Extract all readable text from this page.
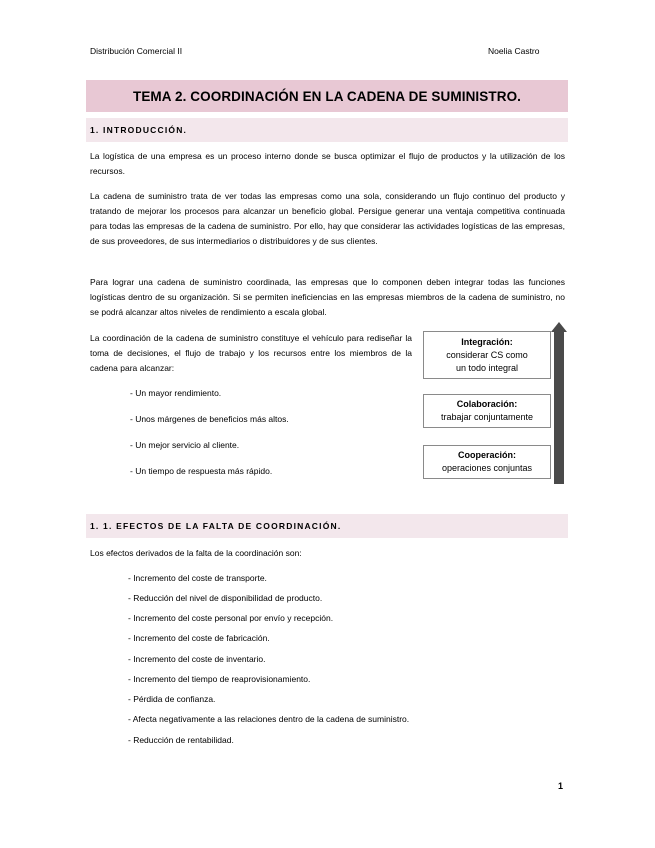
Distribución Comercial II	Noelia Castro
TEMA 2. COORDINACIÓN EN LA CADENA DE SUMINISTRO.
1. INTRODUCCIÓN.
La logística de una empresa es un proceso interno donde se busca optimizar el flujo de productos y la utilización de los recursos.
La cadena de suministro trata de ver todas las empresas como una sola, considerando un flujo continuo del producto y tratando de mejorar los procesos para alcanzar un beneficio global. Persigue generar una ventaja competitiva continuada para todas las empresas de la cadena de suministro. Por ello, hay que considerar las actividades logísticas de las empresas, de sus proveedores, de sus intermediarios o distribuidores y de sus clientes.
Para lograr una cadena de suministro coordinada, las empresas que lo componen deben integrar todas las funciones logísticas dentro de su organización. Si se permiten ineficiencias en las empresas miembros de la cadena de suministro, no se podrá alcanzar altos niveles de rendimiento a escala global.
La coordinación de la cadena de suministro constituye el vehículo para rediseñar la toma de decisiones, el flujo de trabajo y los recursos entre los miembros de la cadena para alcanzar:
- Un mayor rendimiento.
- Unos márgenes de beneficios más altos.
- Un mejor servicio al cliente.
- Un tiempo de respuesta más rápido.
Integración:
considerar CS como
un todo integral
Colaboración:
trabajar conjuntamente
Cooperación:
operaciones conjuntas
1. 1. EFECTOS DE LA FALTA DE COORDINACIÓN.
Los efectos derivados de la falta de la coordinación son:
- Incremento del coste de transporte.
- Reducción del nivel de disponibilidad de producto.
- Incremento del coste personal por envío y recepción.
- Incremento del coste de fabricación.
- Incremento del coste de inventario.
- Incremento del tiempo de reaprovisionamiento.
- Pérdida de confianza.
- Afecta negativamente a las relaciones dentro de la cadena de suministro.
- Reducción de rentabilidad.
1
